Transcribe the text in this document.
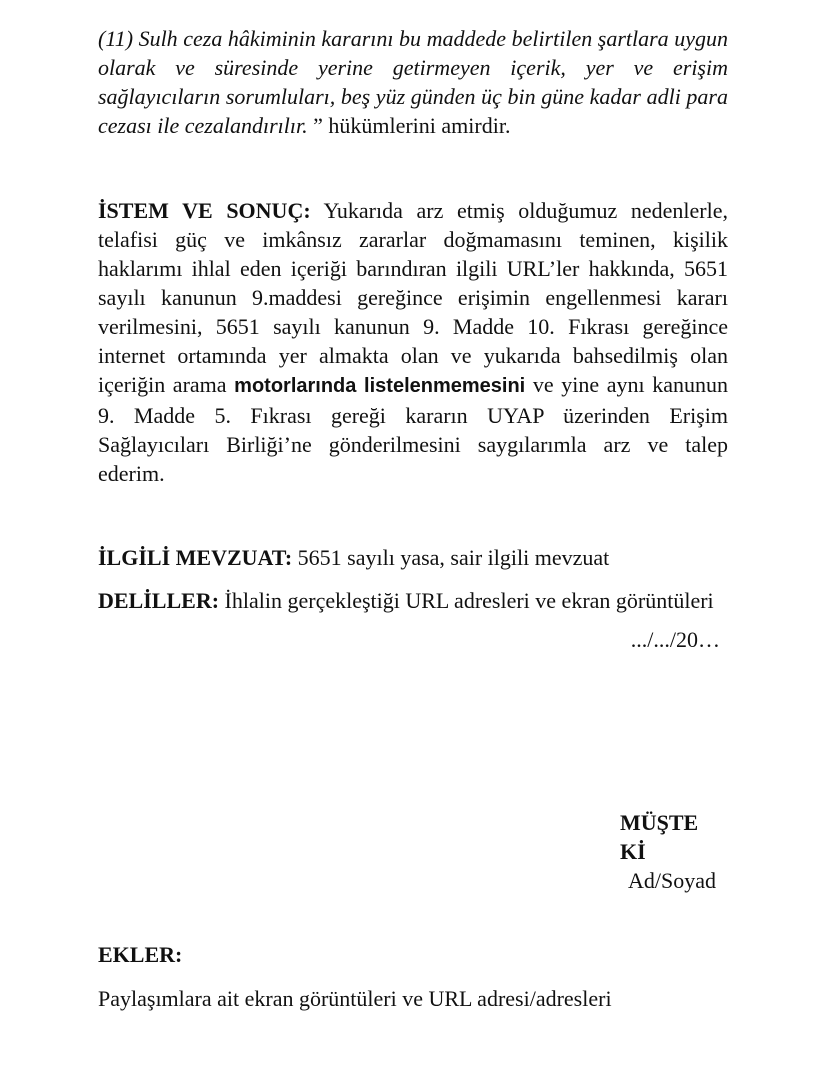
(11) Sulh ceza hâkiminin kararını bu maddede belirtilen şartlara uygun olarak ve süresinde yerine getirmeyen içerik, yer ve erişim sağlayıcıların sorumluları, beş yüz günden üç bin güne kadar adli para cezası ile cezalandırılır. ” hükümlerini amirdir.

İSTEM VE SONUÇ: Yukarıda arz etmiş olduğumuz nedenlerle, telafisi güç ve imkânsız zararlar doğmamasını teminen, kişilik haklarımı ihlal eden içeriği barındıran ilgili URL’ler hakkında, 5651 sayılı kanunun 9.maddesi gereğince erişimin engellenmesi kararı verilmesini, 5651 sayılı kanunun 9. Madde 10. Fıkrası gereğince internet ortamında yer almakta olan ve yukarıda bahsedilmiş olan içeriğin arama motorlarında listelenmemesini ve yine aynı kanunun 9. Madde 5. Fıkrası gereği kararın UYAP üzerinden Erişim Sağlayıcıları Birliği’ne gönderilmesini saygılarımla arz ve talep ederim.

İLGİLİ MEVZUAT: 5651 sayılı yasa, sair ilgili mevzuat

DELİLLER: İhlalin gerçekleştiği URL adresleri ve ekran görüntüleri

.../.../20…
MÜŞTE
Kİ
Ad/Soyad
EKLER:
Paylaşımlara ait ekran görüntüleri ve URL adresi/adresleri
